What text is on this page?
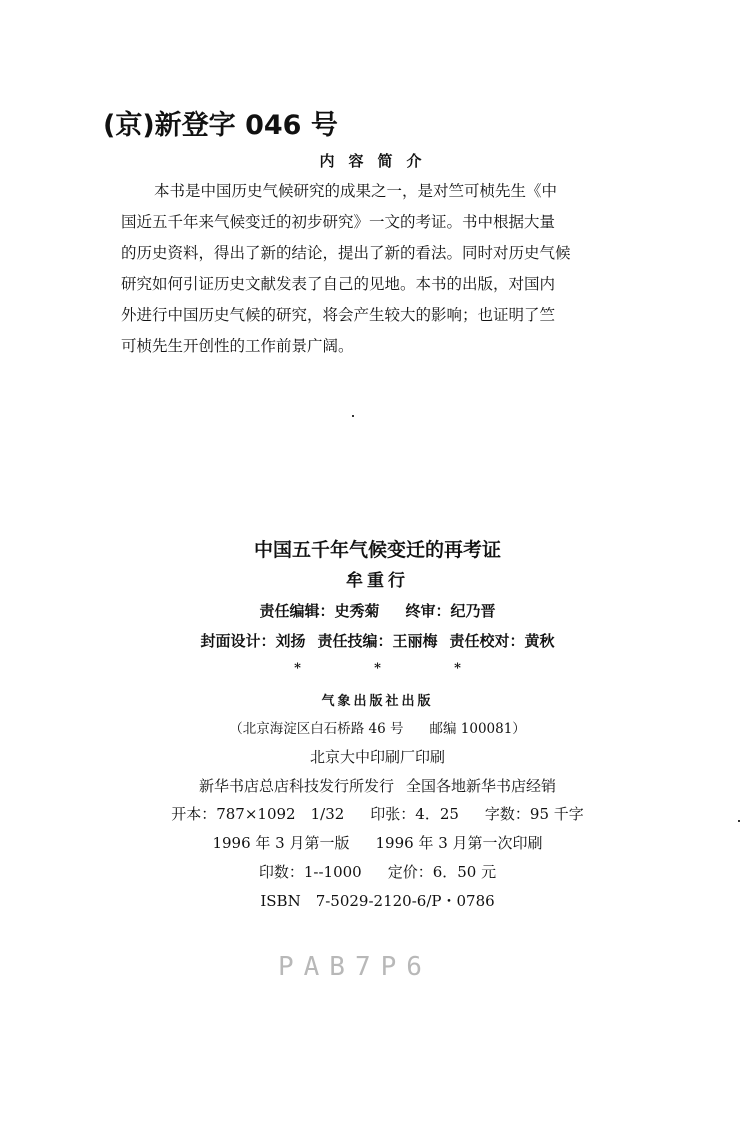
(京)新登字 046 号
内容简介
本书是中国历史气候研究的成果之一，是对竺可桢先生《中
国近五千年来气候变迁的初步研究》一文的考证。书中根据大量
的历史资料，得出了新的结论，提出了新的看法。同时对历史气候
研究如何引证历史文献发表了自己的见地。本书的出版，对国内
外进行中国历史气候的研究，将会产生较大的影响；也证明了竺
可桢先生开创性的工作前景广阔。
中国五千年气候变迁的再考证
牟重行
责任编辑：史秀菊 终审：纪乃晋
封面设计：刘扬 责任技编：王丽梅 责任校对：黄秋
*	*	*
气象出版社出版
（北京海淀区白石桥路 46 号 邮编 100081）
北京大中印刷厂印刷
新华书店总店科技发行所发行 全国各地新华书店经销
开本：787×1092　1/32 印张：4．25 字数：95 千字
1996 年 3 月第一版 1996 年 3 月第一次印刷
印数：1--1000 定价：6．50 元
ISBN　7-5029-2120-6/P・0786
PAB7P6
